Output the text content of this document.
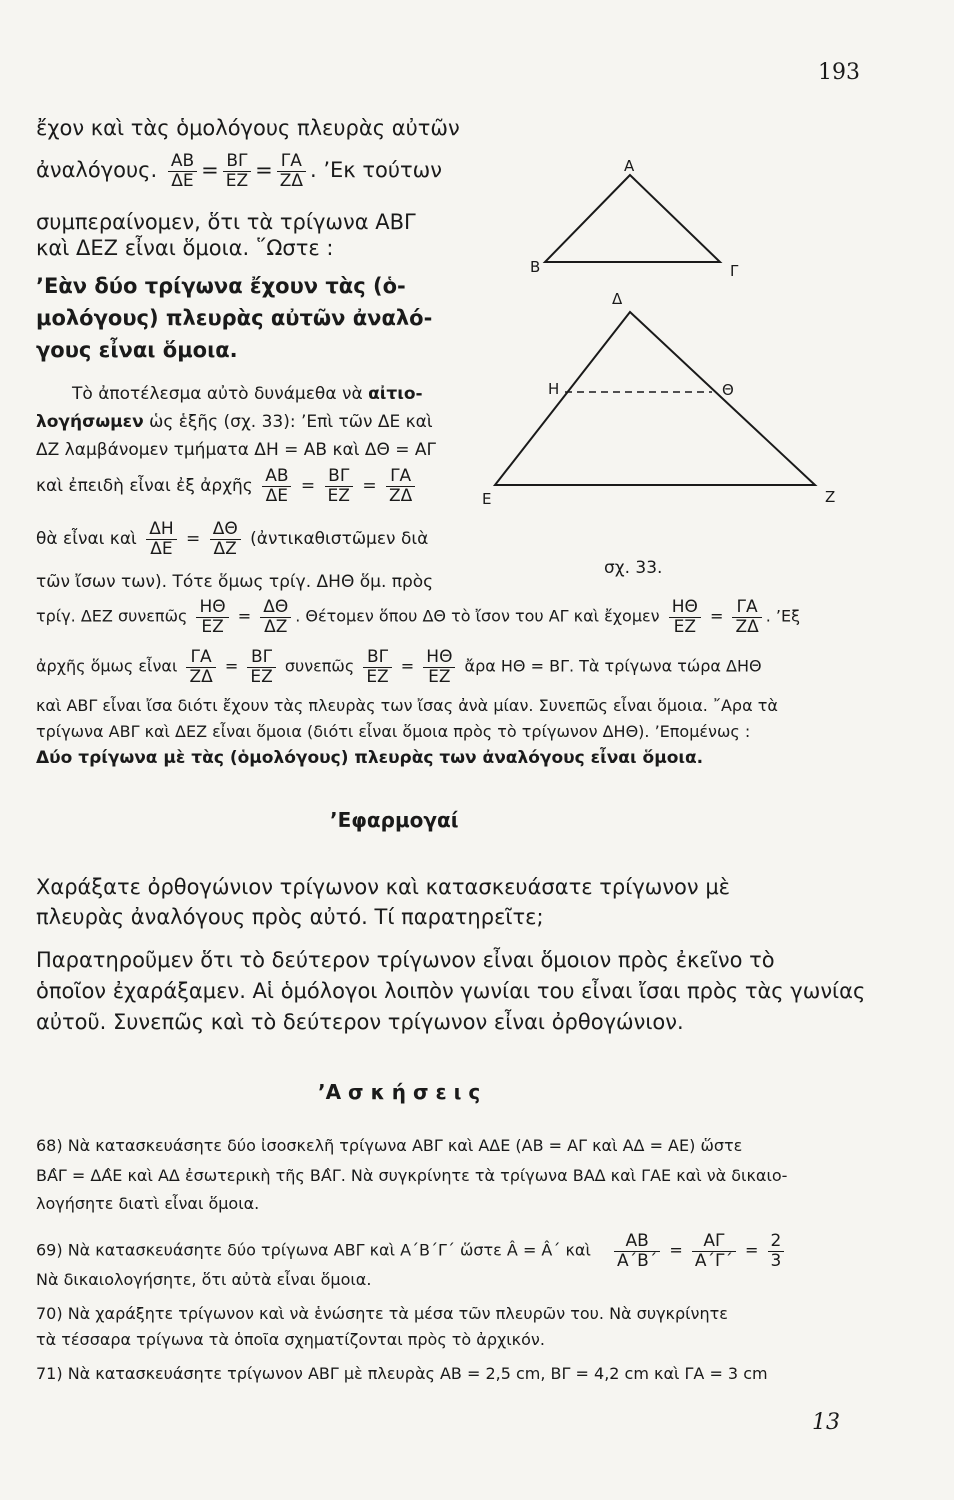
193
Α
Β	Γ
Δ
Η	Θ
Ε	Ζ
σχ. 33.
ἔχον καὶ τὰς ὁμολόγους πλευρὰς αὐτῶν
ἀναλόγους. $\frac{AB}{\Delta E} = \frac{B\Gamma}{EZ} = \frac{\Gamma A}{Z\Delta}$ . ’Εκ τούτων
συμπεραίνομεν, ὅτι τὰ τρίγωνα ΑΒΓ
καὶ ΔΕΖ εἶναι ὅμοια. ῞Ωστε :
’Εὰν δύο τρίγωνα ἔχουν τὰς (ὁ-
μολόγους) πλευρὰς αὐτῶν ἀναλό-
γους εἶναι ὅμοια.
Τὸ ἀποτέλεσμα αὐτὸ δυνάμεθα νὰ αἰτιο-
λογήσωμεν ὡς ἑξῆς (σχ. 33): ’Επὶ τῶν ΔΕ καὶ
ΔΖ λαμβάνομεν τμήματα ΔΗ = ΑΒ καὶ ΔΘ = ΑΓ
καὶ ἐπειδὴ εἶναι ἐξ ἀρχῆς $\frac{AB}{\Delta E} = \frac{B\Gamma}{EZ} = \frac{\Gamma A}{Z\Delta}$
θὰ εἶναι καὶ $\frac{\Delta H}{\Delta E} = \frac{\Delta\Theta}{\Delta Z}$ (ἀντικαθιστῶμεν διὰ
τῶν ἴσων των). Τότε ὅμως τρίγ. ΔΗΘ ὅμ. πρὸς
τρίγ. ΔΕΖ συνεπῶς $\frac{H\Theta}{EZ} = \frac{\Delta\Theta}{\Delta Z}$ . Θέτομεν ὅπου ΔΘ τὸ ἴσον του ΑΓ καὶ ἔχομεν $\frac{H\Theta}{EZ} = \frac{\Gamma A}{Z\Delta}$ . ’Εξ
ἀρχῆς ὅμως εἶναι $\frac{\Gamma A}{Z\Delta} = \frac{B\Gamma}{EZ}$ συνεπῶς $\frac{B\Gamma}{EZ} = \frac{H\Theta}{EZ}$ ἄρα ΗΘ = ΒΓ. Τὰ τρίγωνα τώρα ΔΗΘ
καὶ ΑΒΓ εἶναι ἴσα διότι ἔχουν τὰς πλευρὰς των ἴσας ἀνὰ μίαν. Συνεπῶς εἶναι ὅμοια. ῎Αρα τὰ
τρίγωνα ΑΒΓ καὶ ΔΕΖ εἶναι ὅμοια (διότι εἶναι ὅμοια πρὸς τὸ τρίγωνον ΔΗΘ). ’Επομένως :
Δύο τρίγωνα μὲ τὰς (ὁμολόγους) πλευρὰς των ἀναλόγους εἶναι ὅμοια.
’Εφαρμογαί
Χαράξατε ὀρθογώνιον τρίγωνον καὶ κατασκευάσατε τρίγωνον μὲ
πλευρὰς ἀναλόγους πρὸς αὐτό. Τί παρατηρεῖτε;
Παρατηροῦμεν ὅτι τὸ δεύτερον τρίγωνον εἶναι ὅμοιον πρὸς ἐκεῖνο τὸ
ὁποῖον ἐχαράξαμεν. Αἱ ὁμόλογοι λοιπὸν γωνίαι του εἶναι ἴσαι πρὸς τὰς γωνίας
αὐτοῦ. Συνεπῶς καὶ τὸ δεύτερον τρίγωνον εἶναι ὀρθογώνιον.
’Α σ κ ή σ ε ι ς
68) Νὰ κατασκευάσητε δύο ἰσοσκελῆ τρίγωνα ΑΒΓ καὶ ΑΔΕ (ΑΒ = ΑΓ καὶ ΑΔ = ΑΕ) ὥστε
ΒΑ̂Γ = ΔΑ̂Ε καὶ ΑΔ ἐσωτερικὴ τῆς ΒΑ̂Γ. Νὰ συγκρίνητε τὰ τρίγωνα ΒΑΔ καὶ ΓΑΕ καὶ νὰ δικαιο-
λογήσητε διατὶ εἶναι ὅμοια.
69) Νὰ κατασκευάσητε δύο τρίγωνα ΑΒΓ καὶ Α΄Β΄Γ΄ ὥστε Â = Â΄ καὶ $\frac{AB}{A΄B΄} = \frac{A\Gamma}{A΄\Gamma΄} = \frac{2}{3}$
Νὰ δικαιολογήσητε, ὅτι αὐτὰ εἶναι ὅμοια.
70) Νὰ χαράξητε τρίγωνον καὶ νὰ ἑνώσητε τὰ μέσα τῶν πλευρῶν του. Νὰ συγκρίνητε
τὰ τέσσαρα τρίγωνα τὰ ὁποῖα σχηματίζονται πρὸς τὸ ἀρχικόν.
71) Νὰ κατασκευάσητε τρίγωνον ΑΒΓ μὲ πλευρὰς ΑΒ = 2,5 cm, ΒΓ = 4,2 cm καὶ ΓΑ = 3 cm
13
